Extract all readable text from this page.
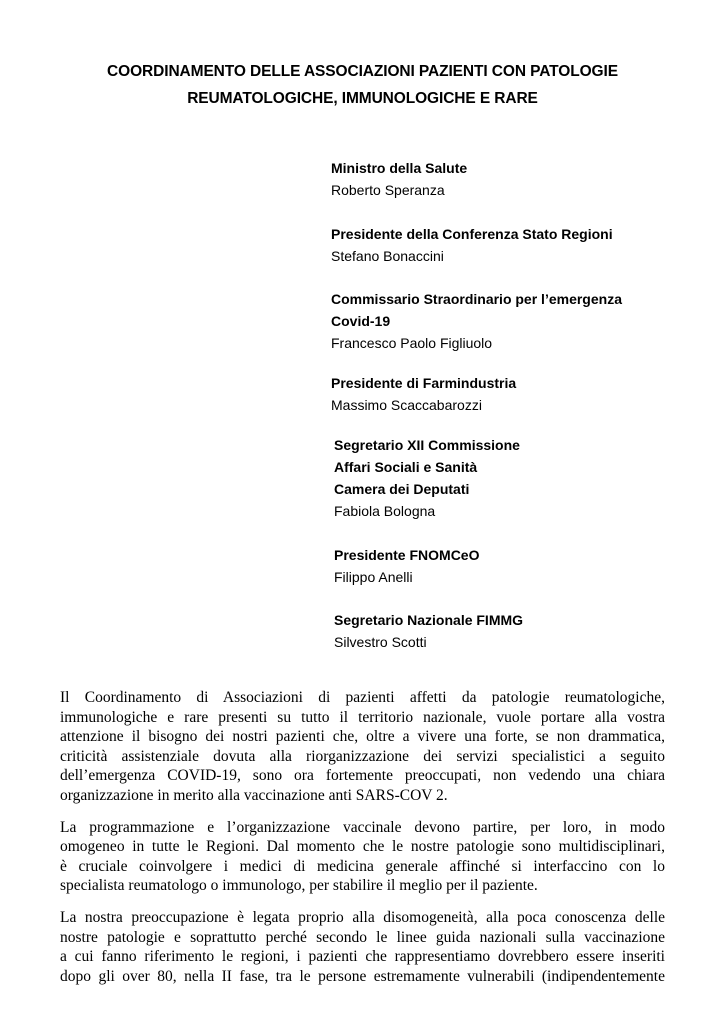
COORDINAMENTO DELLE ASSOCIAZIONI PAZIENTI CON PATOLOGIE
REUMATOLOGICHE, IMMUNOLOGICHE E RARE
Ministro della Salute
Roberto Speranza
Presidente della Conferenza Stato Regioni
Stefano Bonaccini
Commissario Straordinario per l’emergenza
Covid-19
Francesco Paolo Figliuolo
Presidente di Farmindustria
Massimo Scaccabarozzi
Segretario XII Commissione
Affari Sociali e Sanità
Camera dei Deputati
Fabiola Bologna
Presidente FNOMCeO
Filippo Anelli
Segretario Nazionale FIMMG
Silvestro Scotti

Il Coordinamento di Associazioni di pazienti affetti da patologie reumatologiche,
immunologiche e rare presenti su tutto il territorio nazionale, vuole portare alla vostra
attenzione il bisogno dei nostri pazienti che, oltre a vivere una forte, se non drammatica,
criticità assistenziale dovuta alla riorganizzazione dei servizi specialistici a seguito
dell’emergenza COVID-19, sono ora fortemente preoccupati, non vedendo una chiara
organizzazione in merito alla vaccinazione anti SARS-COV 2.

La programmazione e l’organizzazione vaccinale devono partire, per loro, in modo
omogeneo in tutte le Regioni. Dal momento che le nostre patologie sono multidisciplinari,
è cruciale coinvolgere i medici di medicina generale affinché si interfaccino con lo
specialista reumatologo o immunologo, per stabilire il meglio per il paziente.

La nostra preoccupazione è legata proprio alla disomogeneità, alla poca conoscenza delle
nostre patologie e soprattutto perché secondo le linee guida nazionali sulla vaccinazione
a cui fanno riferimento le regioni, i pazienti che rappresentiamo dovrebbero essere inseriti
dopo gli over 80, nella II fase, tra le persone estremamente vulnerabili (indipendentemente
